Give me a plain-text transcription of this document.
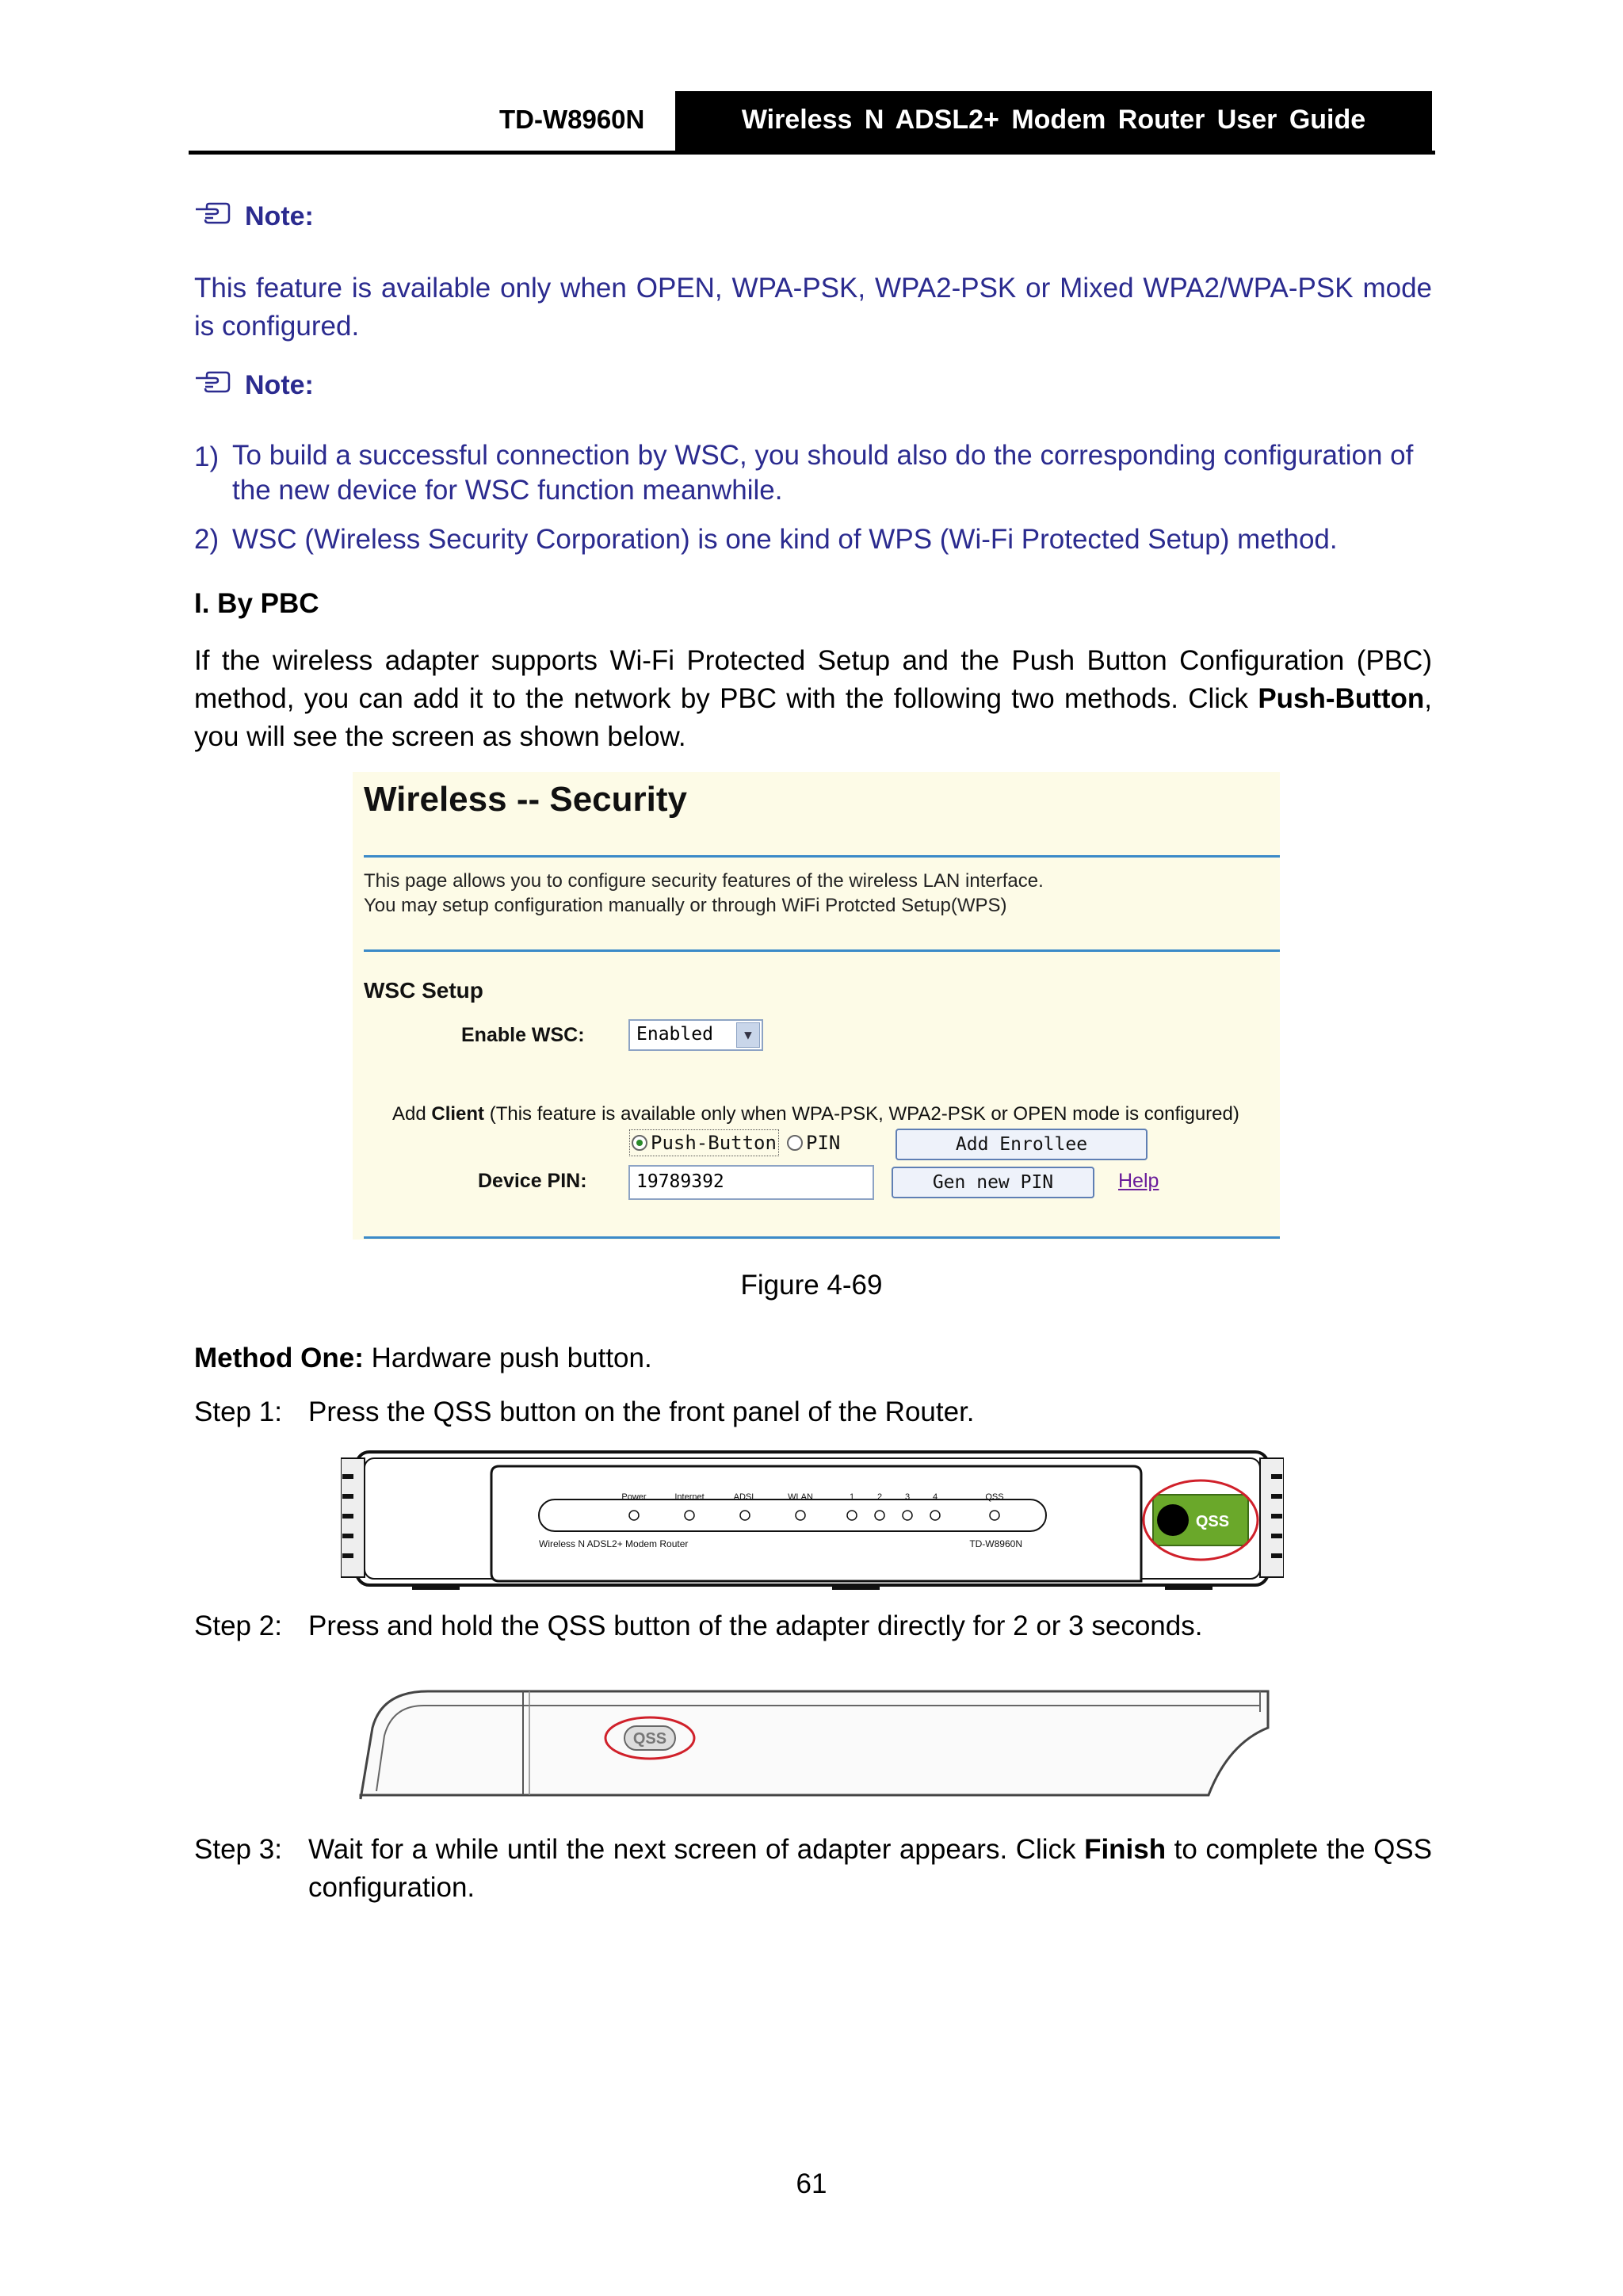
TD-W8960N	Wireless N ADSL2+ Modem Router User Guide
Note:
This feature is available only when OPEN, WPA-PSK, WPA2-PSK or Mixed WPA2/WPA-PSK mode is configured.
Note:
1) To build a successful connection by WSC, you should also do the corresponding configuration of the new device for WSC function meanwhile.
2) WSC (Wireless Security Corporation) is one kind of WPS (Wi-Fi Protected Setup) method.
I. By PBC
If the wireless adapter supports Wi-Fi Protected Setup and the Push Button Configuration (PBC) method, you can add it to the network by PBC with the following two methods. Click Push-Button, you will see the screen as shown below.
Wireless -- Security
This page allows you to configure security features of the wireless LAN interface.
You may setup configuration manually or through WiFi Protcted Setup(WPS)
WSC Setup
Enable WSC:	Enabled	▼
Add Client (This feature is available only when WPA-PSK, WPA2-PSK or OPEN mode is configured)
Push-Button PIN	Add Enrollee
Device PIN:	19789392	Gen new PIN	Help
Figure 4-69
Method One: Hardware push button.
Step 1: Press the QSS button on the front panel of the Router.
Power	Internet	ADSL	WLAN	1	2	3	4	QSS
Wireless N ADSL2+ Modem Router	TD-W8960N
QSS
Step 2: Press and hold the QSS button of the adapter directly for 2 or 3 seconds.
QSS
Step 3: Wait for a while until the next screen of adapter appears. Click Finish to complete the QSS configuration.
61
